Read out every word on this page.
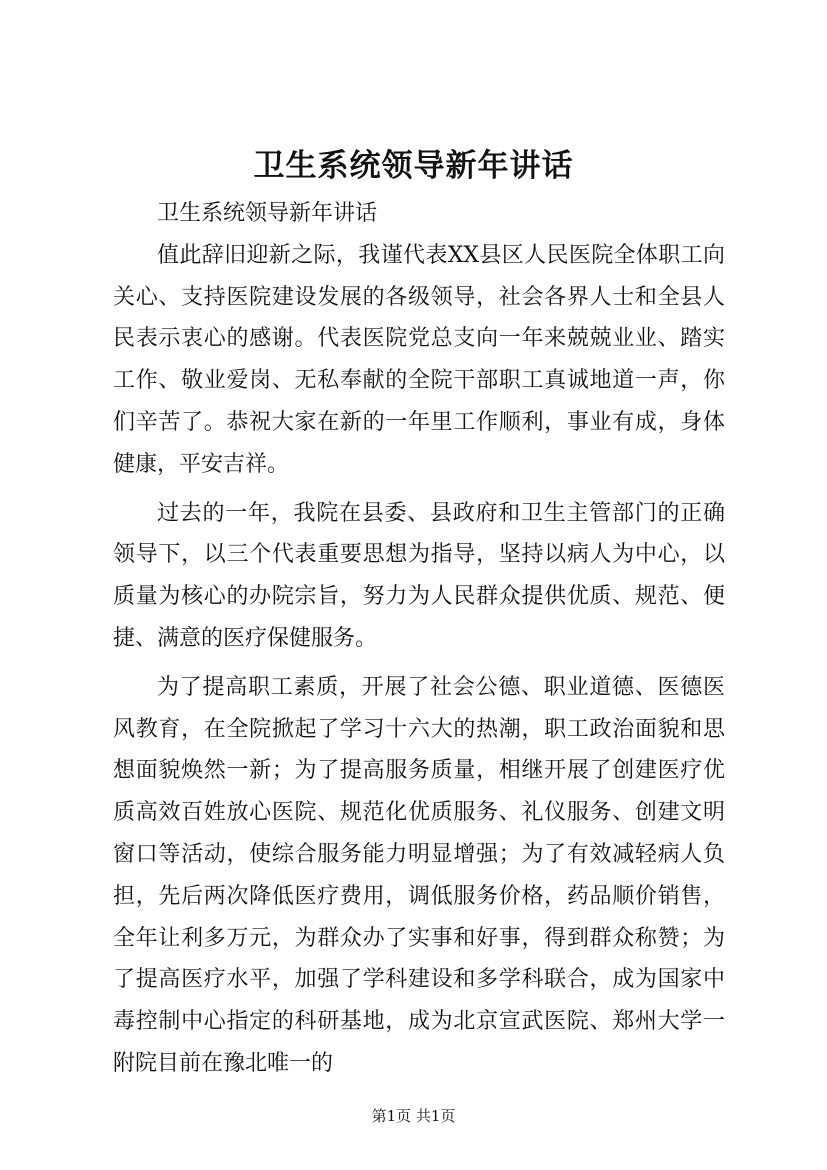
卫生系统领导新年讲话

卫生系统领导新年讲话

值此辞旧迎新之际，我谨代表XX县区人民医院全体职工向关心、支持医院建设发展的各级领导，社会各界人士和全县人民表示衷心的感谢。代表医院党总支向一年来兢兢业业、踏实工作、敬业爱岗、无私奉献的全院干部职工真诚地道一声，你们辛苦了。恭祝大家在新的一年里工作顺利，事业有成，身体健康，平安吉祥。

过去的一年，我院在县委、县政府和卫生主管部门的正确领导下，以三个代表重要思想为指导，坚持以病人为中心，以质量为核心的办院宗旨，努力为人民群众提供优质、规范、便捷、满意的医疗保健服务。

为了提高职工素质，开展了社会公德、职业道德、医德医风教育，在全院掀起了学习十六大的热潮，职工政治面貌和思想面貌焕然一新；为了提高服务质量，相继开展了创建医疗优质高效百姓放心医院、规范化优质服务、礼仪服务、创建文明窗口等活动，使综合服务能力明显增强；为了有效减轻病人负担，先后两次降低医疗费用，调低服务价格，药品顺价销售，全年让利多万元，为群众办了实事和好事，得到群众称赞；为了提高医疗水平，加强了学科建设和多学科联合，成为国家中毒控制中心指定的科研基地，成为北京宣武医院、郑州大学一附院目前在豫北唯一的

第1页 共1页
